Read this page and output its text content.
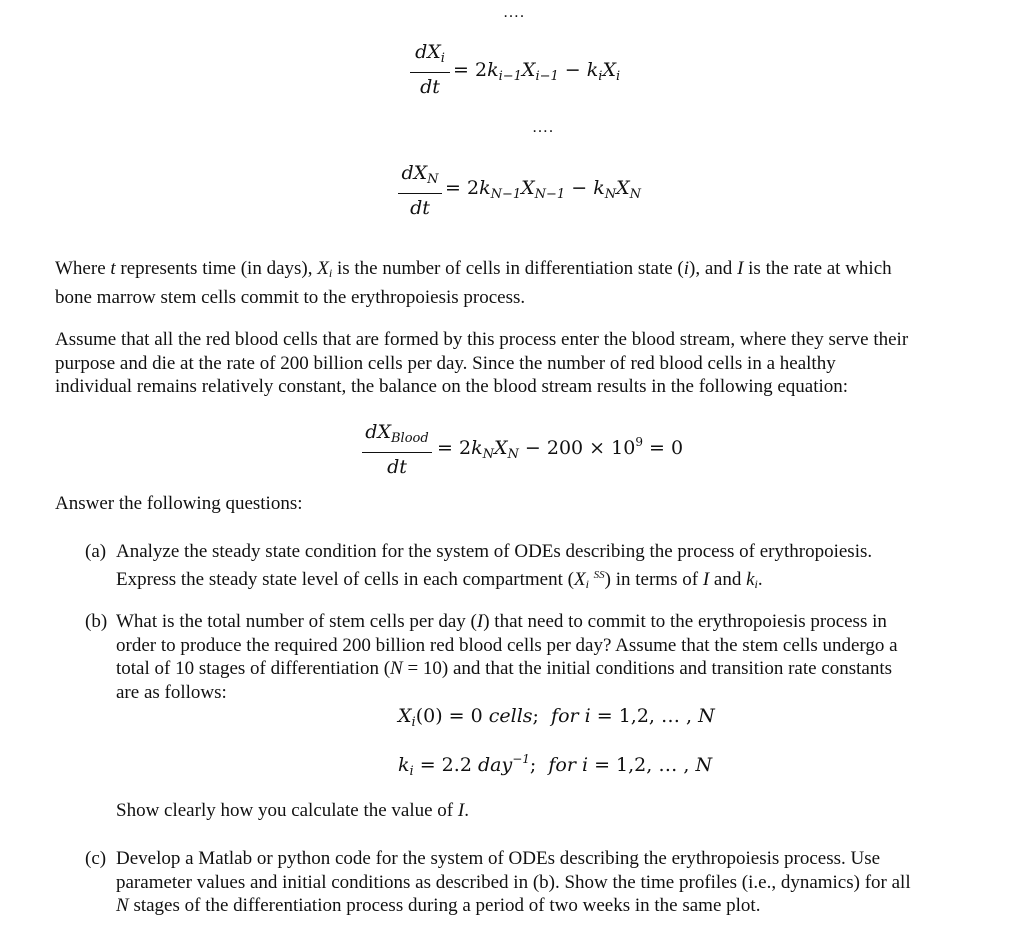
….
$dX_i$
dt
= $2k_{i-1}X_{i-1} - k_iX_i$
….
$dX_N$
dt
= $2k_{N-1}X_{N-1} - k_NX_N$
Where t represents time (in days), $X_i$ is the number of cells in differentiation state (i), and I is the rate at which
bone marrow stem cells commit to the erythropoiesis process.
Assume that all the red blood cells that are formed by this process enter the blood stream, where they serve their
purpose and die at the rate of 200 billion cells per day. Since the number of red blood cells in a healthy
individual remains relatively constant, the balance on the blood stream results in the following equation:
$dX_{Blood}$
dt
= $2k_NX_N - 200 \times 10^9 = 0$
Answer the following questions:
(a) Analyze the steady state condition for the system of ODEs describing the process of erythropoiesis.
Express the steady state level of cells in each compartment ($X_i$ $^{SS}$) in terms of I and $k_i$.
(b) What is the total number of stem cells per day (I) that need to commit to the erythropoiesis process in
order to produce the required 200 billion red blood cells per day? Assume that the stem cells undergo a
total of 10 stages of differentiation (N = 10) and that the initial conditions and transition rate constants
are as follows:
$X_i(0) = 0$ cells;  for i = 1,2, … , N
$k_i = 2.2$ day$^{-1}$;  for i = 1,2, … , N
Show clearly how you calculate the value of I.
(c) Develop a Matlab or python code for the system of ODEs describing the erythropoiesis process. Use
parameter values and initial conditions as described in (b). Show the time profiles (i.e., dynamics) for all
N stages of the differentiation process during a period of two weeks in the same plot.
